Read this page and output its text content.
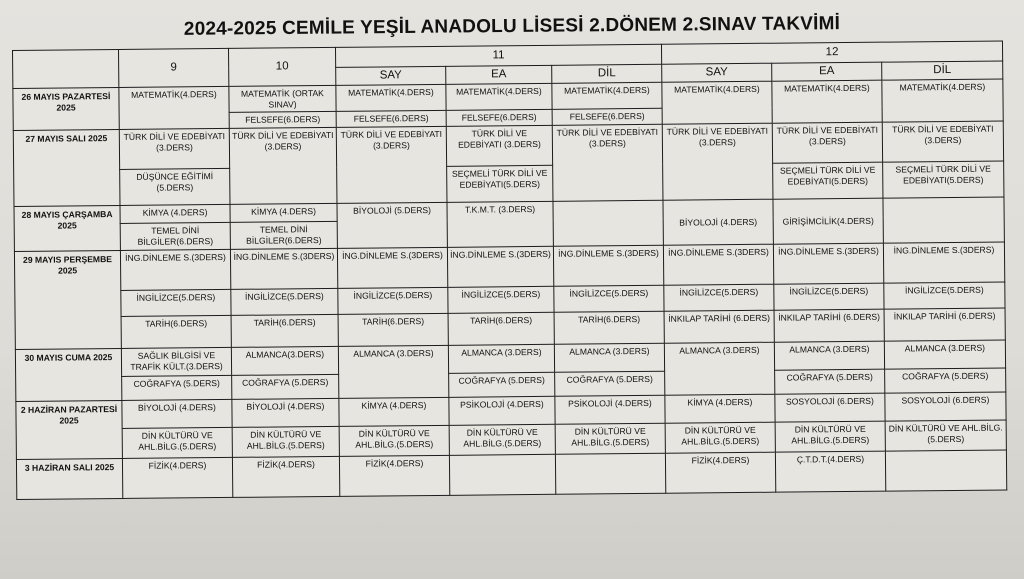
2024-2025 CEMİLE YEŞİL ANADOLU LİSESİ 2.DÖNEM 2.SINAV TAKVİMİ
	9	10	11			12		
			SAY	EA	DİL	SAY	EA	DİL
26 MAYIS PAZARTESİ 2025	MATEMATİK(4.DERS)	MATEMATİK (ORTAK SINAV)	MATEMATİK(4.DERS)	MATEMATİK(4.DERS)	MATEMATİK(4.DERS)	MATEMATİK(4.DERS)	MATEMATİK(4.DERS)	MATEMATİK(4.DERS)
		FELSEFE(6.DERS)	FELSEFE(6.DERS)	FELSEFE(6.DERS)	FELSEFE(6.DERS)			
27 MAYIS SALI 2025	TÜRK DİLİ VE EDEBİYATI (3.DERS)	TÜRK DİLİ VE EDEBİYATI (3.DERS)	TÜRK DİLİ VE EDEBİYATI (3.DERS)	TÜRK DİLİ VE EDEBİYATI (3.DERS)	TÜRK DİLİ VE EDEBİYATI (3.DERS)	TÜRK DİLİ VE EDEBİYATI (3.DERS)	TÜRK DİLİ VE EDEBİYATI (3.DERS)	TÜRK DİLİ VE EDEBİYATI (3.DERS)
	DÜŞÜNCE EĞİTİMİ (5.DERS)			SEÇMELİ TÜRK DİLİ VE EDEBİYATI(5.DERS)			SEÇMELİ TÜRK DİLİ VE EDEBİYATI(5.DERS)	SEÇMELİ TÜRK DİLİ VE EDEBİYATI(5.DERS)
28 MAYIS ÇARŞAMBA 2025	KİMYA (4.DERS)	KİMYA (4.DERS)	BİYOLOJİ (5.DERS)	T.K.M.T. (3.DERS)		BİYOLOJİ (4.DERS)	GİRİŞİMCİLİK(4.DERS)	
	TEMEL DİNİ BİLGİLER(6.DERS)	TEMEL DİNİ BİLGİLER(6.DERS)						
29 MAYIS PERŞEMBE 2025	İNG.DİNLEME S.(3DERS)	İNG.DİNLEME S.(3DERS)	İNG.DİNLEME S.(3DERS)	İNG.DİNLEME S.(3DERS)	İNG.DİNLEME S.(3DERS)	İNG.DİNLEME S.(3DERS)	İNG.DİNLEME S.(3DERS)	İNG.DİNLEME S.(3DERS)
	İNGİLİZCE(5.DERS)	İNGİLİZCE(5.DERS)	İNGİLİZCE(5.DERS)	İNGİLİZCE(5.DERS)	İNGİLİZCE(5.DERS)	İNGİLİZCE(5.DERS)	İNGİLİZCE(5.DERS)	İNGİLİZCE(5.DERS)
	TARİH(6.DERS)	TARİH(6.DERS)	TARİH(6.DERS)	TARİH(6.DERS)	TARİH(6.DERS)	İNKILAP TARİHİ (6.DERS)	İNKILAP TARİHİ (6.DERS)	İNKILAP TARİHİ (6.DERS)
30 MAYIS CUMA 2025	SAĞLIK BİLGİSİ VE TRAFİK KÜLT.(3.DERS)	ALMANCA(3.DERS)	ALMANCA (3.DERS)	ALMANCA (3.DERS)	ALMANCA (3.DERS)	ALMANCA (3.DERS)	ALMANCA (3.DERS)	ALMANCA (3.DERS)
	COĞRAFYA (5.DERS)	COĞRAFYA (5.DERS)		COĞRAFYA (5.DERS)	COĞRAFYA (5.DERS)		COĞRAFYA (5.DERS)	COĞRAFYA (5.DERS)
2 HAZİRAN PAZARTESİ 2025	BİYOLOJİ (4.DERS)	BİYOLOJİ (4.DERS)	KİMYA (4.DERS)	PSİKOLOJİ (4.DERS)	PSİKOLOJİ (4.DERS)	KİMYA (4.DERS)	SOSYOLOJİ (6.DERS)	SOSYOLOJİ (6.DERS)
	DİN KÜLTÜRÜ VE AHL.BİLG.(5.DERS)	DİN KÜLTÜRÜ VE AHL.BİLG.(5.DERS)	DİN KÜLTÜRÜ VE AHL.BİLG.(5.DERS)	DİN KÜLTÜRÜ VE AHL.BİLG.(5.DERS)	DİN KÜLTÜRÜ VE AHL.BİLG.(5.DERS)	DİN KÜLTÜRÜ VE AHL.BİLG.(5.DERS)	DİN KÜLTÜRÜ VE AHL.BİLG.(5.DERS)	DİN KÜLTÜRÜ VE AHL.BİLG.(5.DERS)
3 HAZİRAN SALI 2025	FİZİK(4.DERS)	FİZİK(4.DERS)	FİZİK(4.DERS)			FİZİK(4.DERS)	Ç.T.D.T.(4.DERS)	
